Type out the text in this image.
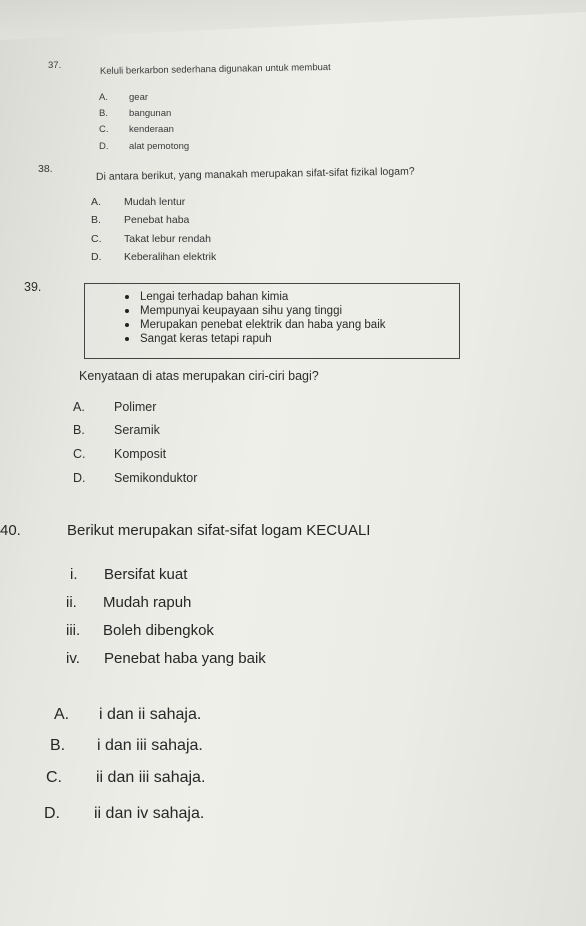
37.	Keluli berkarbon sederhana digunakan untuk membuat
A. gear
B. bangunan
C. kenderaan
D. alat pemotong
38.	Di antara berikut, yang manakah merupakan sifat-sifat fizikal logam?
A. Mudah lentur
B. Penebat haba
C. Takat lebur rendah
D. Keberalihan elektrik
39.
Lengai terhadap bahan kimia
Mempunyai keupayaan sihu yang tinggi
Merupakan penebat elektrik dan haba yang baik
Sangat keras tetapi rapuh
Kenyataan di atas merupakan ciri-ciri bagi?
A. Polimer
B. Seramik
C. Komposit
D. Semikonduktor
40.	Berikut merupakan sifat-sifat logam KECUALI
i. Bersifat kuat
ii. Mudah rapuh
iii. Boleh dibengkok
iv. Penebat haba yang baik
A. i dan ii sahaja.
B. i dan iii sahaja.
C. ii dan iii sahaja.
D. ii dan iv sahaja.
